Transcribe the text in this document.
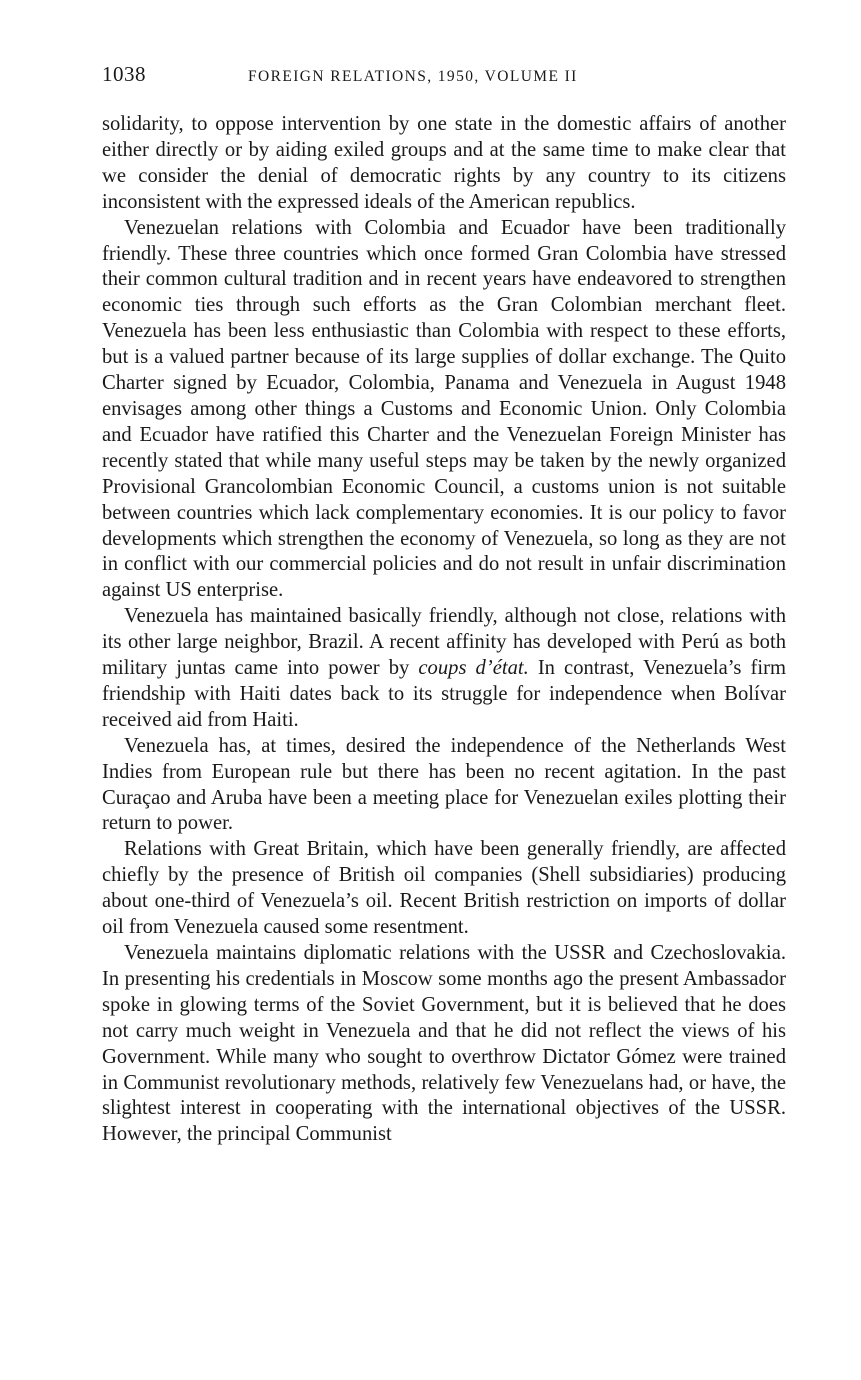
1038	FOREIGN RELATIONS, 1950, VOLUME II

solidarity, to oppose intervention by one state in the domestic affairs of another either directly or by aiding exiled groups and at the same time to make clear that we consider the denial of democratic rights by any country to its citizens inconsistent with the expressed ideals of the American republics.

Venezuelan relations with Colombia and Ecuador have been traditionally friendly. These three countries which once formed Gran Colombia have stressed their common cultural tradition and in recent years have endeavored to strengthen economic ties through such efforts as the Gran Colombian merchant fleet. Venezuela has been less enthusiastic than Colombia with respect to these efforts, but is a valued partner because of its large supplies of dollar exchange. The Quito Charter signed by Ecuador, Colombia, Panama and Venezuela in August 1948 envisages among other things a Customs and Economic Union. Only Colombia and Ecuador have ratified this Charter and the Venezuelan Foreign Minister has recently stated that while many useful steps may be taken by the newly organized Provisional Grancolombian Economic Council, a customs union is not suitable between countries which lack complementary economies. It is our policy to favor developments which strengthen the economy of Venezuela, so long as they are not in conflict with our commercial policies and do not result in unfair discrimination against US enterprise.

Venezuela has maintained basically friendly, although not close, relations with its other large neighbor, Brazil. A recent affinity has developed with Perú as both military juntas came into power by coups d’état. In contrast, Venezuela’s firm friendship with Haiti dates back to its struggle for independence when Bolívar received aid from Haiti.

Venezuela has, at times, desired the independence of the Netherlands West Indies from European rule but there has been no recent agitation. In the past Curaçao and Aruba have been a meeting place for Venezuelan exiles plotting their return to power.

Relations with Great Britain, which have been generally friendly, are affected chiefly by the presence of British oil companies (Shell subsidiaries) producing about one-third of Venezuela’s oil. Recent British restriction on imports of dollar oil from Venezuela caused some resentment.

Venezuela maintains diplomatic relations with the USSR and Czechoslovakia. In presenting his credentials in Moscow some months ago the present Ambassador spoke in glowing terms of the Soviet Government, but it is believed that he does not carry much weight in Venezuela and that he did not reflect the views of his Government. While many who sought to overthrow Dictator Gómez were trained in Communist revolutionary methods, relatively few Venezuelans had, or have, the slightest interest in cooperating with the international objectives of the USSR. However, the principal Communist
